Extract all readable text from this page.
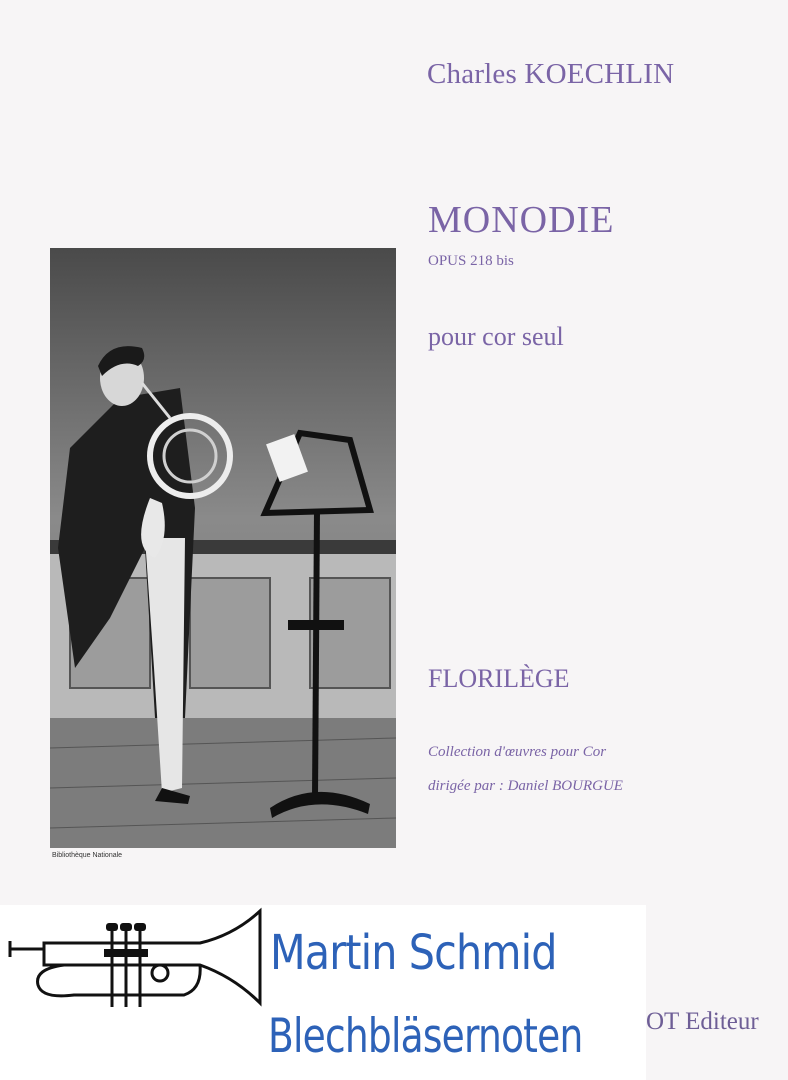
Charles KOECHLIN
MONODIE
OPUS 218 bis
pour cor seul
Bibliothèque Nationale
FLORILÈGE
Collection d'œuvres pour Cor
dirigée par : Daniel BOURGUE
OT Editeur
Martin Schmid
Blechbläsernoten
